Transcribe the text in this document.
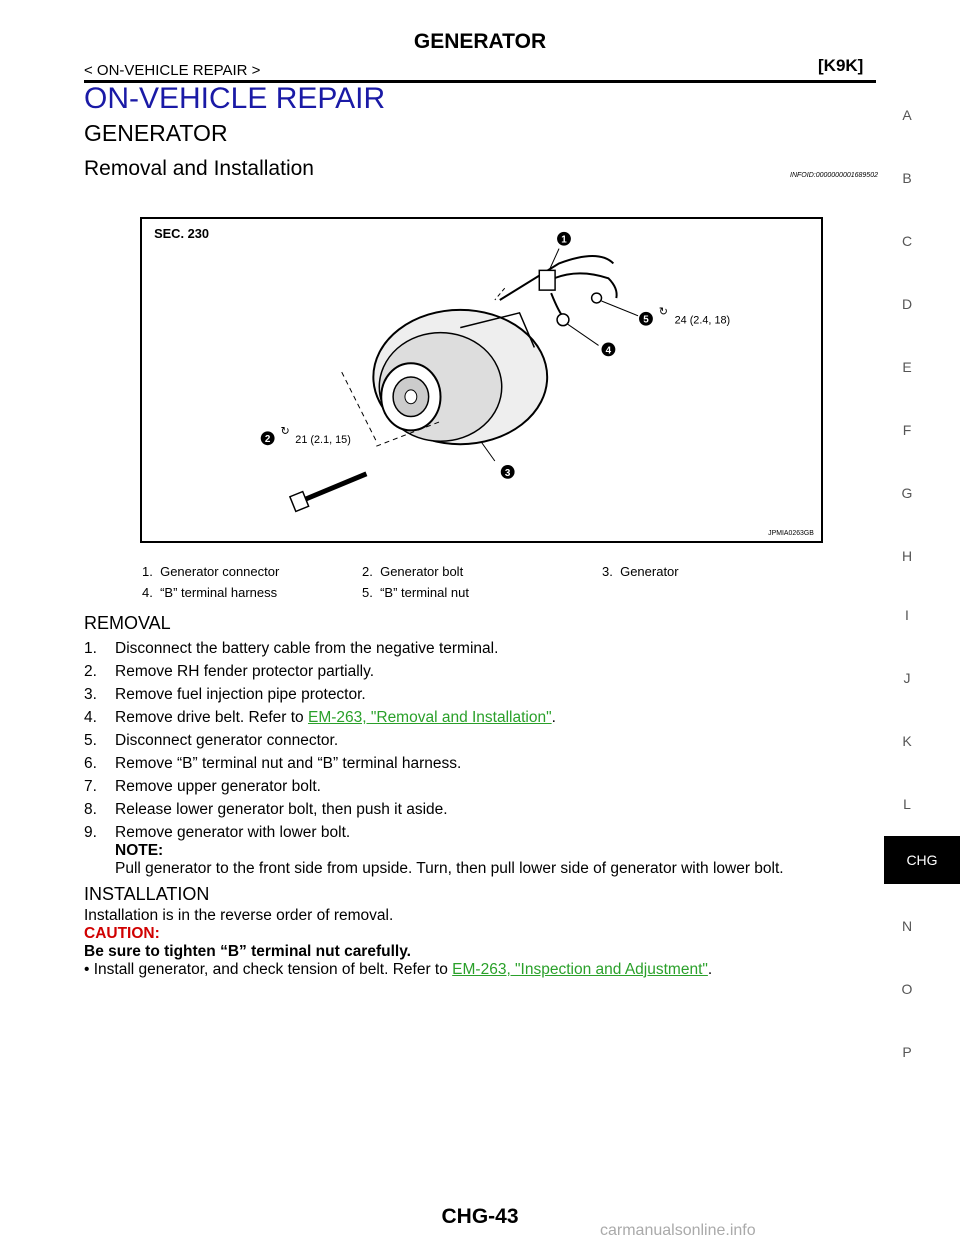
GENERATOR
< ON-VEHICLE REPAIR >	[K9K]
ON-VEHICLE REPAIR
GENERATOR
Removal and Installation	INFOID:0000000001689502
SEC. 230	1
5
↻
24 (2.4, 18)
4
2
↻
21 (2.1, 15)
3
JPMIA0263GB
1. Generator connector	2. Generator bolt	3. Generator
4. “B” terminal harness	5. “B” terminal nut
REMOVAL
1. Disconnect the battery cable from the negative terminal.
2. Remove RH fender protector partially.
3. Remove fuel injection pipe protector.
4. Remove drive belt. Refer to EM-263, "Removal and Installation".
5. Disconnect generator connector.
6. Remove “B” terminal nut and “B” terminal harness.
7. Remove upper generator bolt.
8. Release lower generator bolt, then push it aside.
9. Remove generator with lower bolt.
NOTE:
Pull generator to the front side from upside. Turn, then pull lower side of generator with lower bolt.
INSTALLATION
Installation is in the reverse order of removal.
CAUTION:
Be sure to tighten “B” terminal nut carefully.
• Install generator, and check tension of belt. Refer to EM-263, "Inspection and Adjustment".
A
B
C
D
E
F
G
H
I
J
K
L
N
O
P
CHG
CHG-43
carmanualsonline.info
